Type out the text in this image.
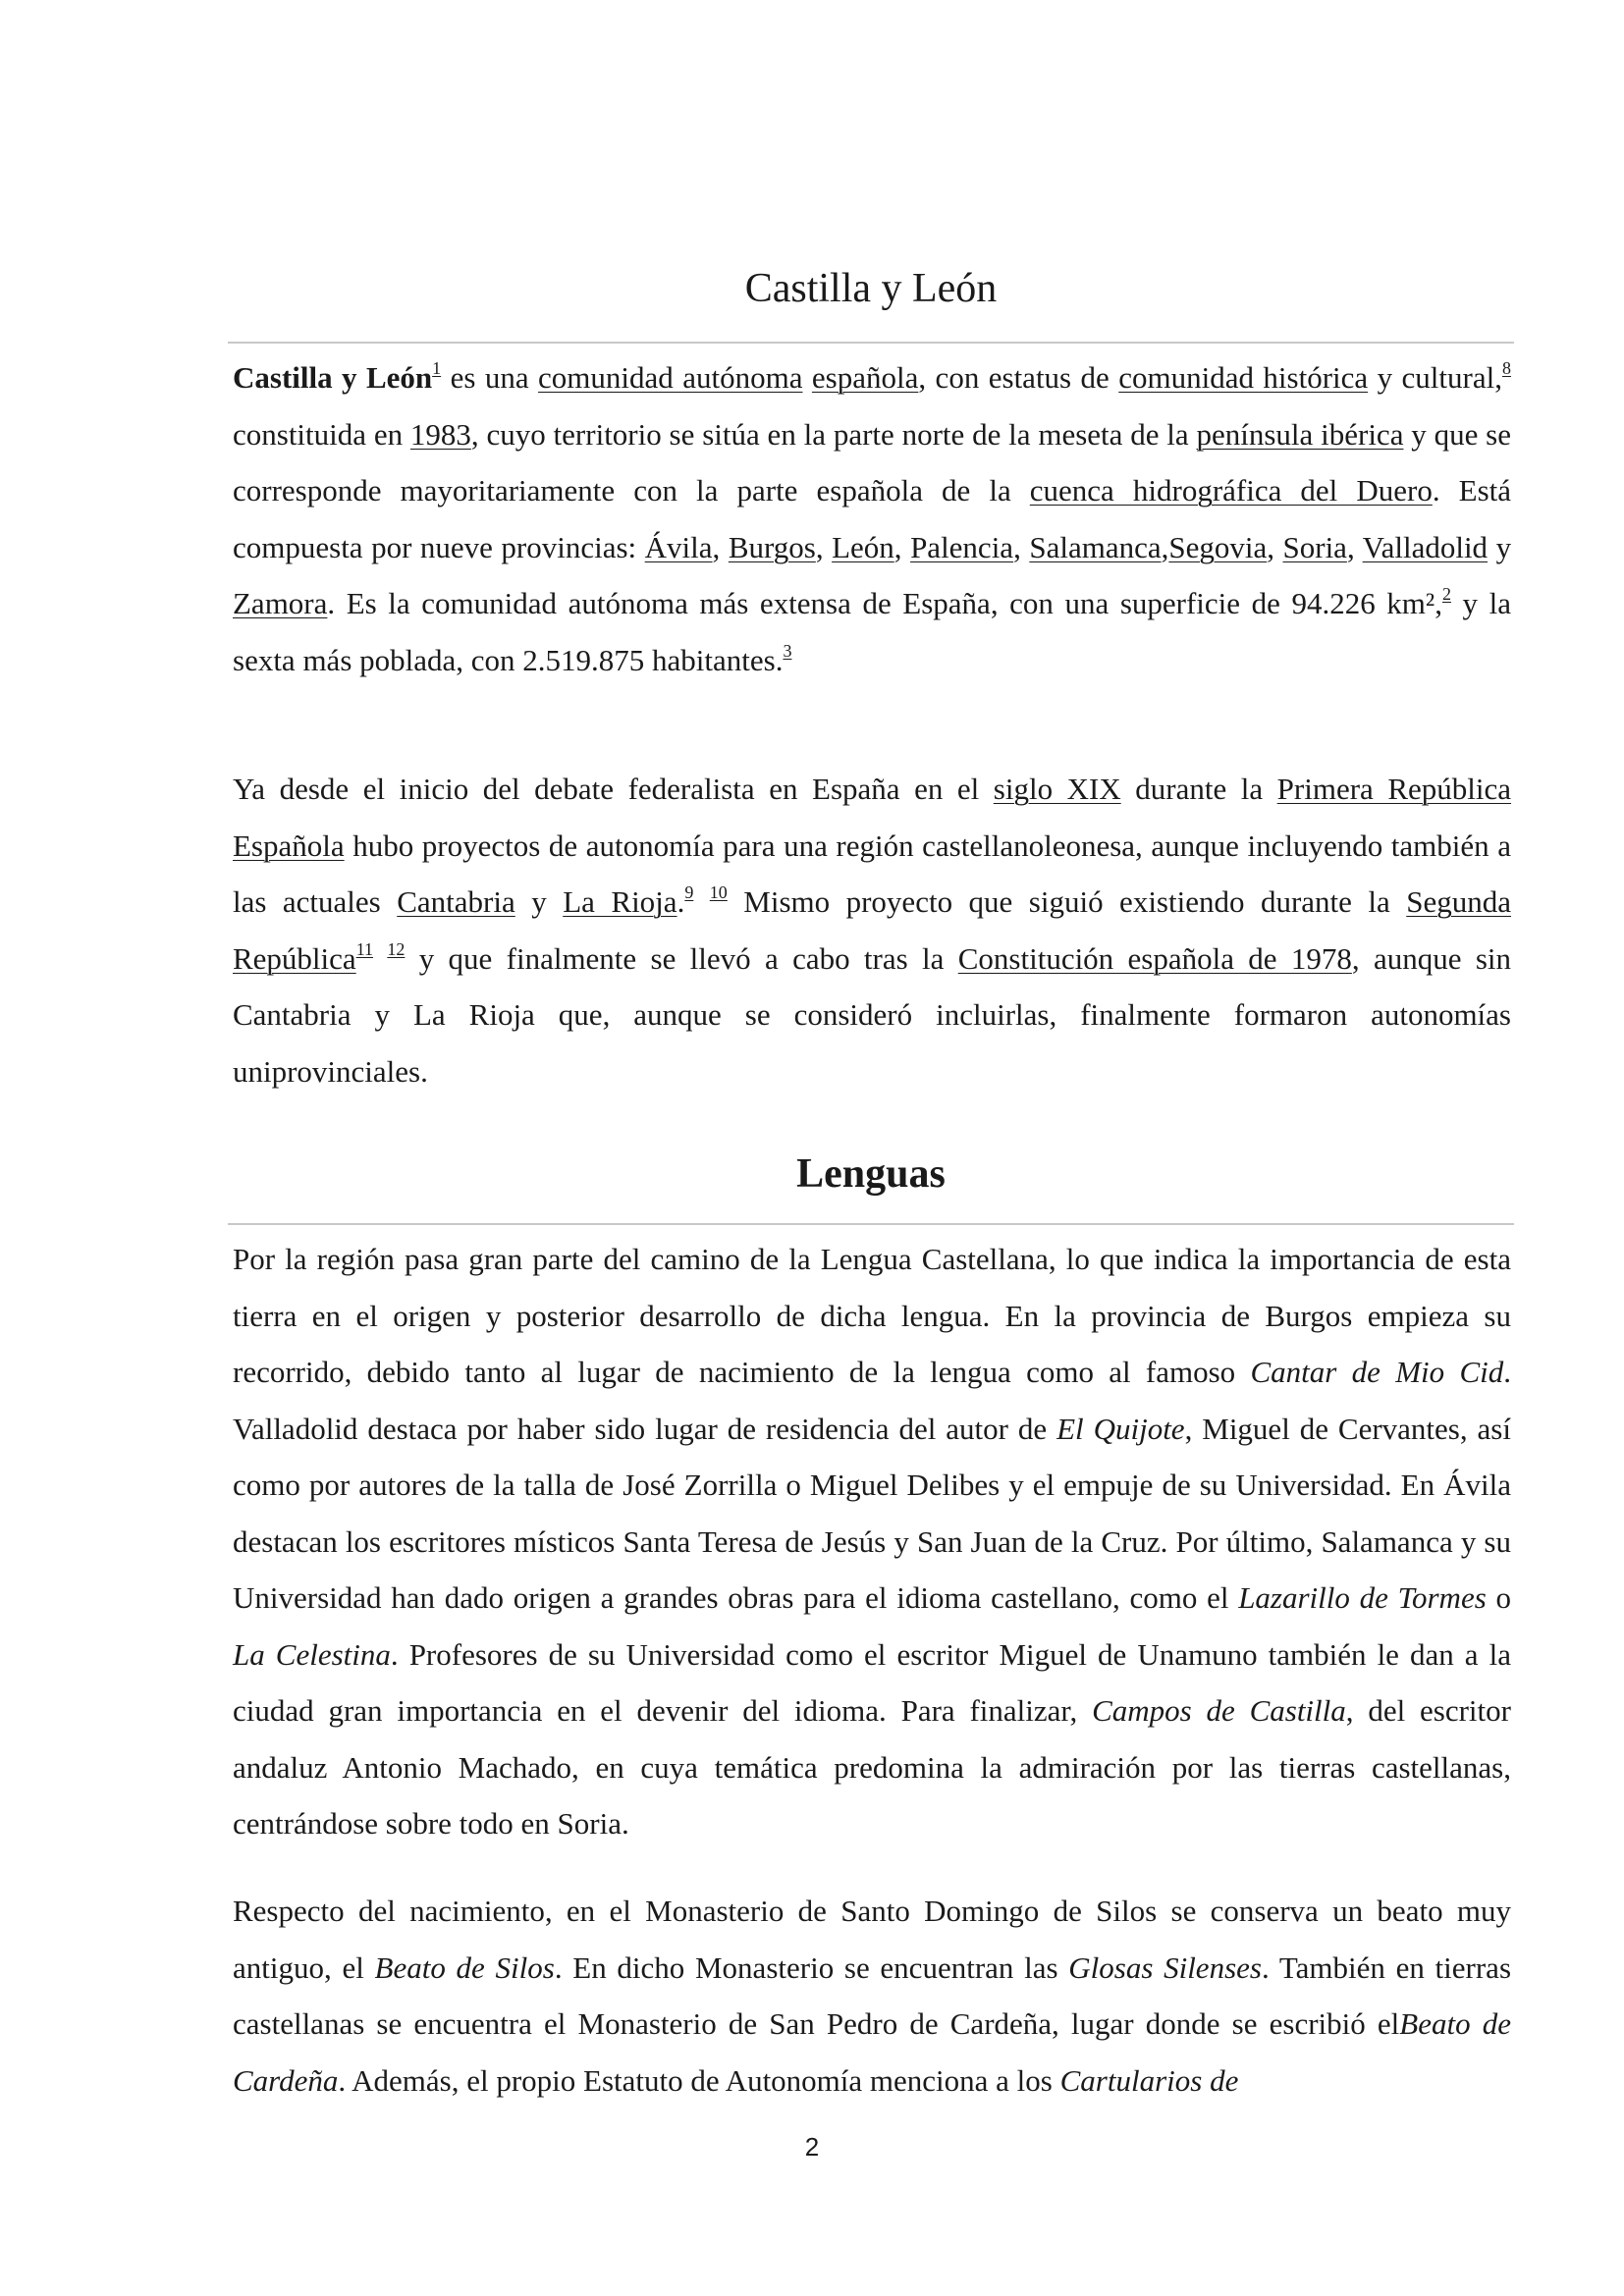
Castilla y León

Castilla y León$^1$ es una comunidad autónoma española, con estatus de comunidad histórica y cultural,$^8$ constituida en 1983, cuyo territorio se sitúa en la parte norte de la meseta de la península ibérica y que se corresponde mayoritariamente con la parte española de la cuenca hidrográfica del Duero. Está compuesta por nueve provincias: Ávila, Burgos, León, Palencia, Salamanca,Segovia, Soria, Valladolid y Zamora. Es la comunidad autónoma más extensa de España, con una superficie de 94.226 km²,$^2$ y la sexta más poblada, con 2.519.875 habitantes.$^3$

Ya desde el inicio del debate federalista en España en el siglo XIX durante la Primera República Española hubo proyectos de autonomía para una región castellanoleonesa, aunque incluyendo también a las actuales Cantabria y La Rioja.$^9$ $^{10}$ Mismo proyecto que siguió existiendo durante la Segunda República$^{11}$ $^{12}$ y que finalmente se llevó a cabo tras la Constitución española de 1978, aunque sin Cantabria y La Rioja que, aunque se consideró incluirlas, finalmente formaron autonomías uniprovinciales.

Lenguas

Por la región pasa gran parte del camino de la Lengua Castellana, lo que indica la importancia de esta tierra en el origen y posterior desarrollo de dicha lengua. En la provincia de Burgos empieza su recorrido, debido tanto al lugar de nacimiento de la lengua como al famoso Cantar de Mio Cid. Valladolid destaca por haber sido lugar de residencia del autor de El Quijote, Miguel de Cervantes, así como por autores de la talla de José Zorrilla o Miguel Delibes y el empuje de su Universidad. En Ávila destacan los escritores místicos Santa Teresa de Jesús y San Juan de la Cruz. Por último, Salamanca y su Universidad han dado origen a grandes obras para el idioma castellano, como el Lazarillo de Tormes o La Celestina. Profesores de su Universidad como el escritor Miguel de Unamuno también le dan a la ciudad gran importancia en el devenir del idioma. Para finalizar, Campos de Castilla, del escritor andaluz Antonio Machado, en cuya temática predomina la admiración por las tierras castellanas, centrándose sobre todo en Soria.

Respecto del nacimiento, en el Monasterio de Santo Domingo de Silos se conserva un beato muy antiguo, el Beato de Silos. En dicho Monasterio se encuentran las Glosas Silenses. También en tierras castellanas se encuentra el Monasterio de San Pedro de Cardeña, lugar donde se escribió elBeato de Cardeña. Además, el propio Estatuto de Autonomía menciona a los Cartularios de

2
